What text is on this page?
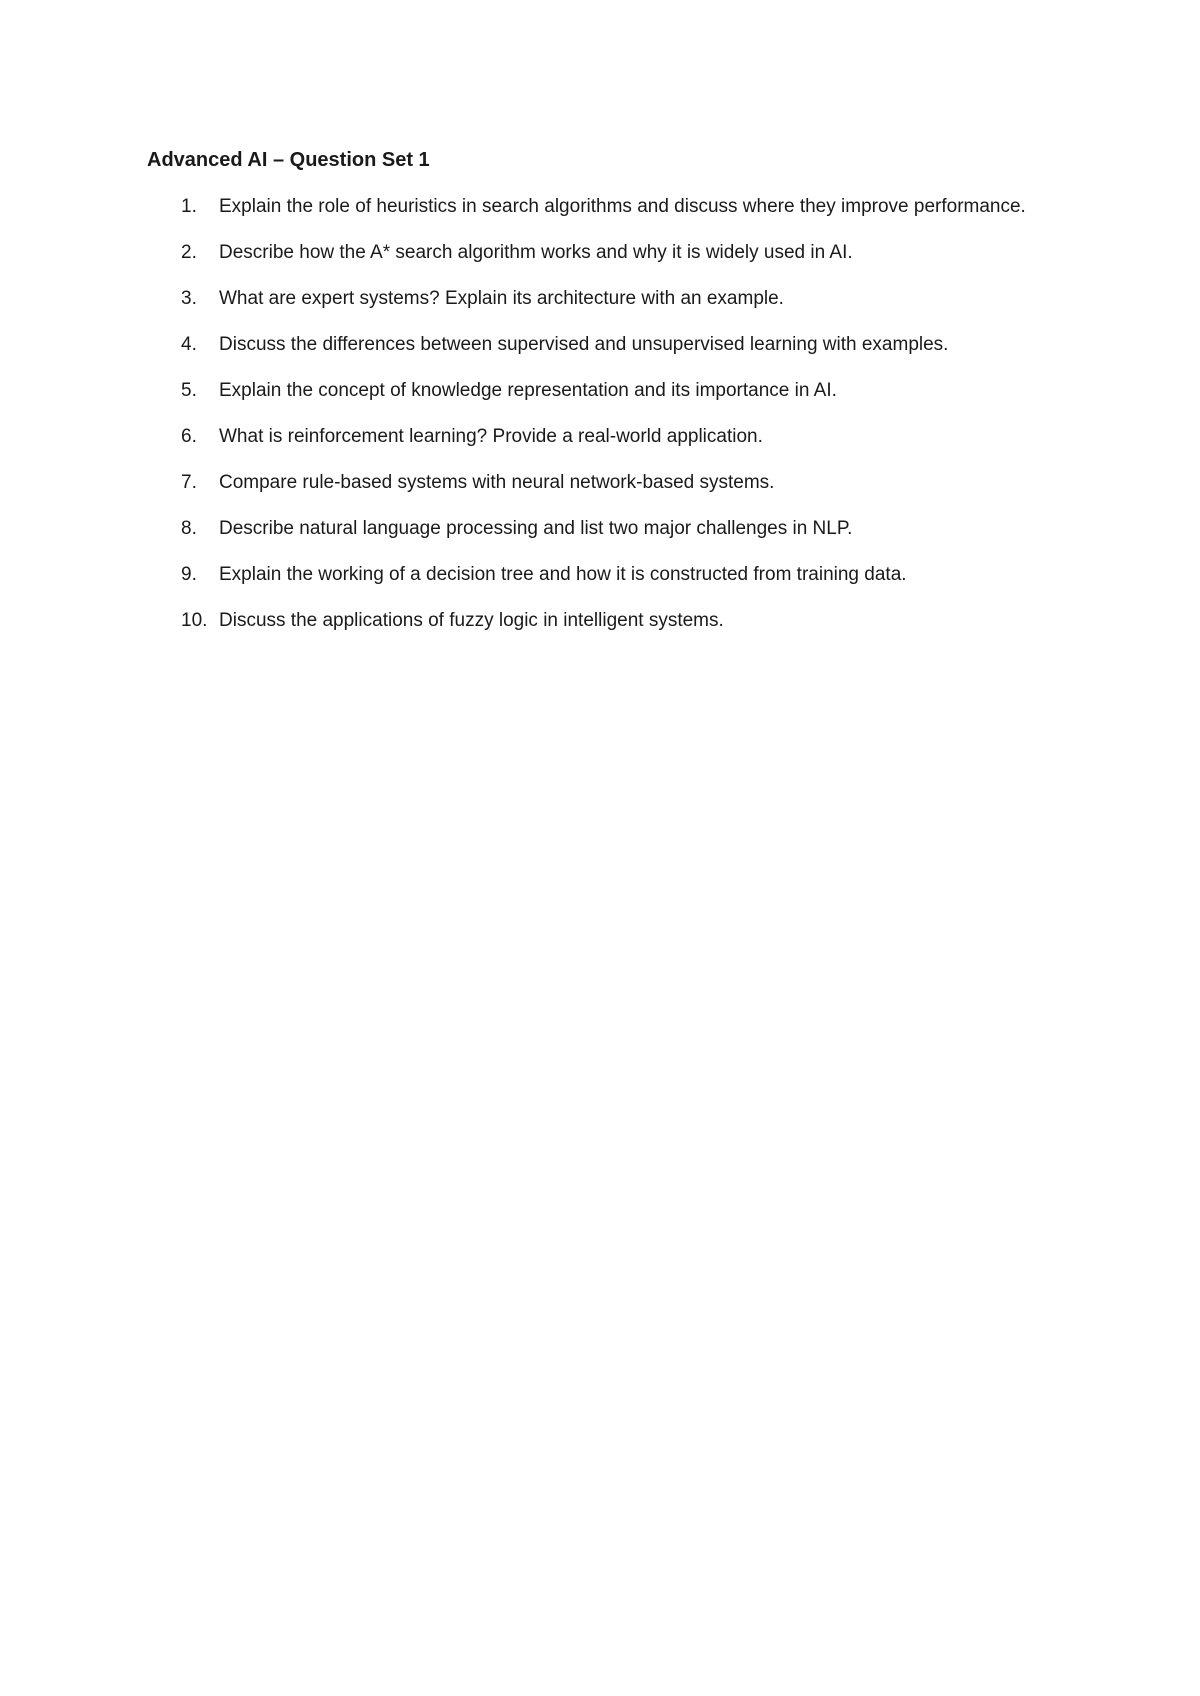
Advanced AI – Question Set 1
1. Explain the role of heuristics in search algorithms and discuss where they improve performance.
2. Describe how the A* search algorithm works and why it is widely used in AI.
3. What are expert systems? Explain its architecture with an example.
4. Discuss the differences between supervised and unsupervised learning with examples.
5. Explain the concept of knowledge representation and its importance in AI.
6. What is reinforcement learning? Provide a real-world application.
7. Compare rule-based systems with neural network-based systems.
8. Describe natural language processing and list two major challenges in NLP.
9. Explain the working of a decision tree and how it is constructed from training data.
10. Discuss the applications of fuzzy logic in intelligent systems.
